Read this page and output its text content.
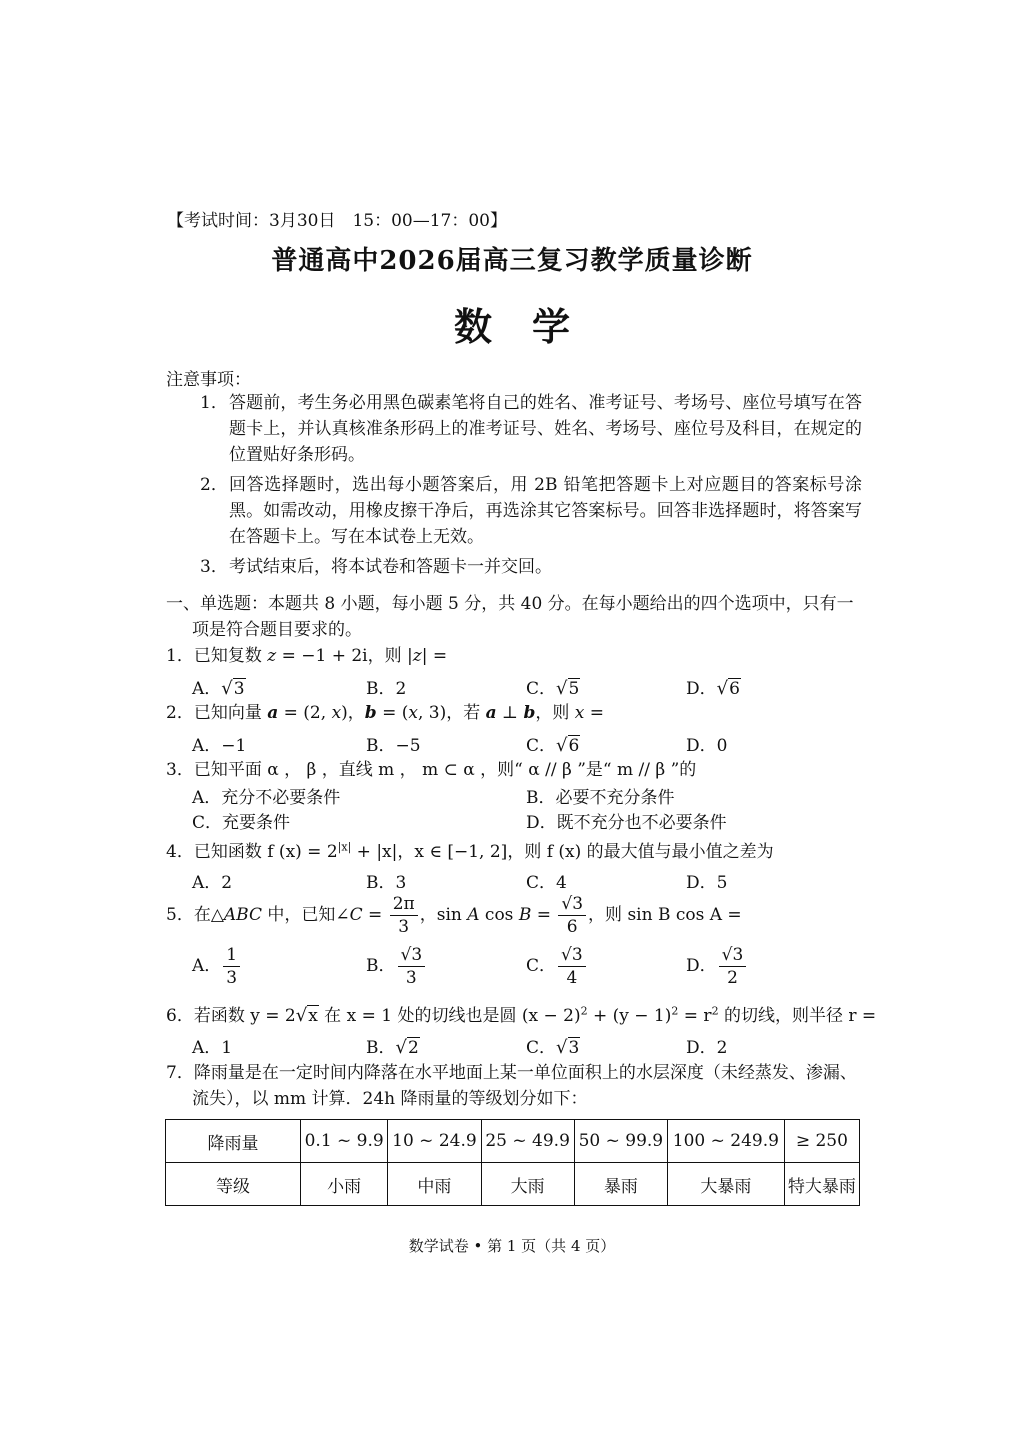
【考试时间：3月30日　15：00—17：00】
普通高中2026届高三复习教学质量诊断
数学
注意事项：
1． 答题前，考生务必用黑色碳素笔将自己的姓名、准考证号、考场号、座位号填写在答题卡上，并认真核准条形码上的准考证号、姓名、考场号、座位号及科目，在规定的位置贴好条形码。
2． 回答选择题时，选出每小题答案后，用 2B 铅笔把答题卡上对应题目的答案标号涂黑。如需改动，用橡皮擦干净后，再选涂其它答案标号。回答非选择题时，将答案写在答题卡上。写在本试卷上无效。
3． 考试结束后，将本试卷和答题卡一并交回。
一、单选题：本题共 8 小题，每小题 5 分，共 40 分。在每小题给出的四个选项中，只有一项是符合题目要求的。
1．已知复数 z = −1 + 2i，则 |z| =
A．√3	B．2	C．√5	D．√6
2．已知向量 a = (2, x)，b = (x, 3)，若 a ⊥ b，则 x =
A．−1	B．−5	C．√6	D．0
3．已知平面 α ， β ，直线 m ， m ⊂ α ，则“ α // β ”是“ m // β ”的
A．充分不必要条件	B．必要不充分条件
C．充要条件	D．既不充分也不必要条件
4．已知函数 f $(x) = 2^{|x|} + |x|$，x ∈ [−1, 2]，则 f (x) 的最大值与最小值之差为
A．2	B．3	C．4	D．5
5．在△ABC 中，已知∠C = $\frac{2\pi}{3}$ ，sin A $\cos B = \frac{√3}{6}$ ，则 sin B cos A =
A． $\frac{1}{3}$	B． $\frac{√3}{3}$	C． $\frac{√3}{4}$	D． $\frac{√3}{2}$
6．若函数 y = 2√x 在 x = 1 处的切线也是圆 $(x - 2)^2 + (y - 1)^2 = r^2$ 的切线，则半径 r =
A．1	B．√2	C．√3	D．2
7．降雨量是在一定时间内降落在水平地面上某一单位面积上的水层深度（未经蒸发、渗漏、
流失），以 mm 计算．24h 降雨量的等级划分如下：
降雨量	0.1 ~ 9.9	10 ~ 24.9	25 ~ 49.9	50 ~ 99.9	100 ~ 249.9	≥ 250
等级	小雨	中雨	大雨	暴雨	大暴雨	特大暴雨
数学试卷 • 第 1 页（共 4 页）
